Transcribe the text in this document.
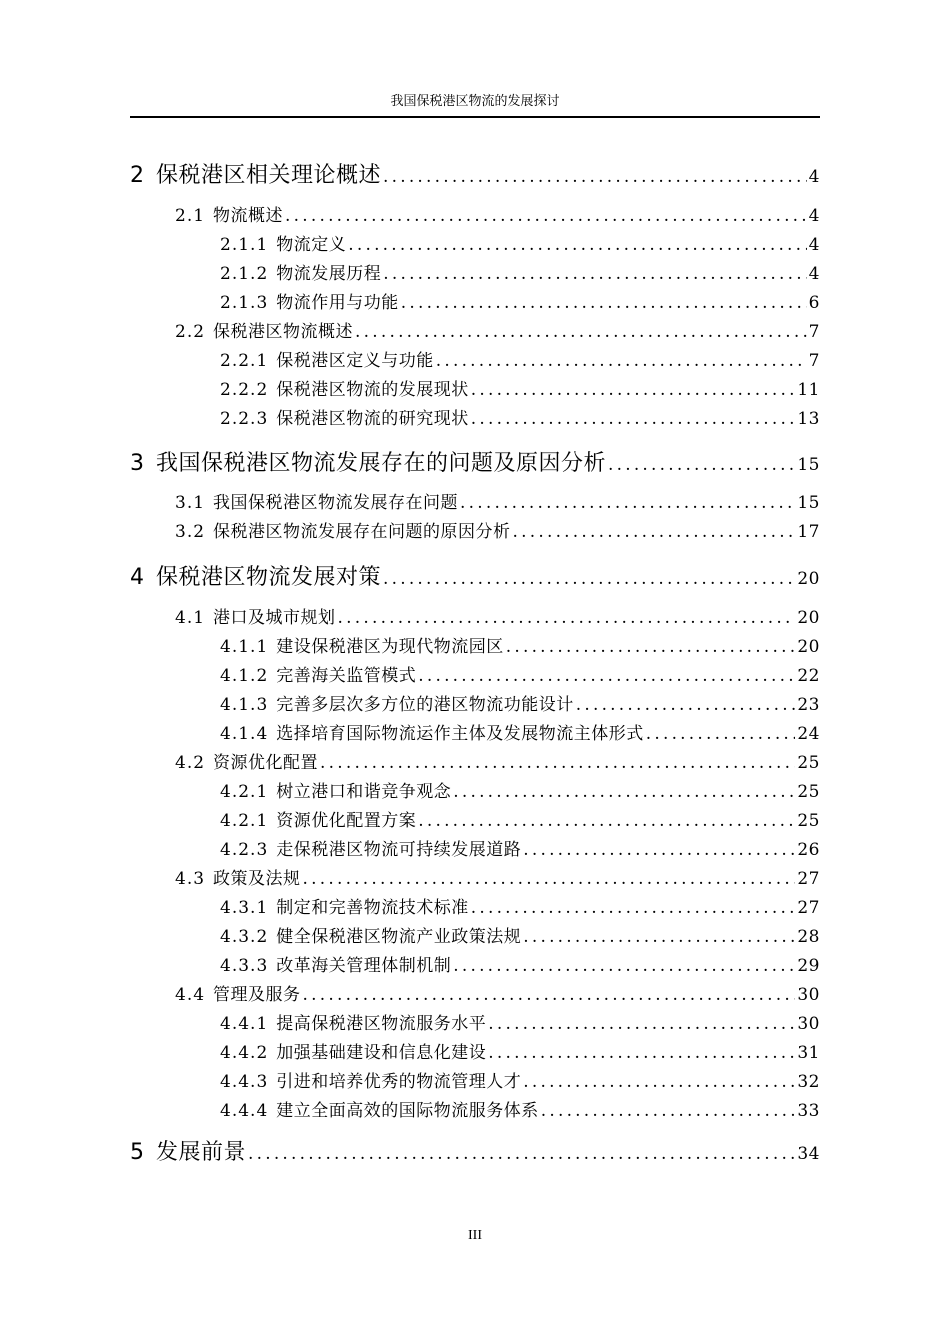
我国保税港区物流的发展探讨
2 保税港区相关理论概述 .....	4
2.1 物流概述 .....	4
2.1.1 物流定义 .....	4
2.1.2 物流发展历程 .....	4
2.1.3 物流作用与功能 .....	6
2.2 保税港区物流概述 .....	7
2.2.1 保税港区定义与功能 .....	7
2.2.2 保税港区物流的发展现状 .....	11
2.2.3 保税港区物流的研究现状 .....	13
3 我国保税港区物流发展存在的问题及原因分析 .....	15
3.1 我国保税港区物流发展存在问题 .....	15
3.2 保税港区物流发展存在问题的原因分析 .....	17
4 保税港区物流发展对策 .....	20
4.1 港口及城市规划 .....	20
4.1.1 建设保税港区为现代物流园区 .....	20
4.1.2 完善海关监管模式 .....	22
4.1.3 完善多层次多方位的港区物流功能设计 .....	23
4.1.4 选择培育国际物流运作主体及发展物流主体形式 .....	24
4.2 资源优化配置 .....	25
4.2.1 树立港口和谐竞争观念 .....	25
4.2.1 资源优化配置方案 .....	25
4.2.3 走保税港区物流可持续发展道路 .....	26
4.3 政策及法规 .....	27
4.3.1 制定和完善物流技术标准 .....	27
4.3.2 健全保税港区物流产业政策法规 .....	28
4.3.3 改革海关管理体制机制 .....	29
4.4 管理及服务 .....	30
4.4.1 提高保税港区物流服务水平 .....	30
4.4.2 加强基础建设和信息化建设 .....	31
4.4.3 引进和培养优秀的物流管理人才 .....	32
4.4.4 建立全面高效的国际物流服务体系 .....	33
5 发展前景 .....	34
III
